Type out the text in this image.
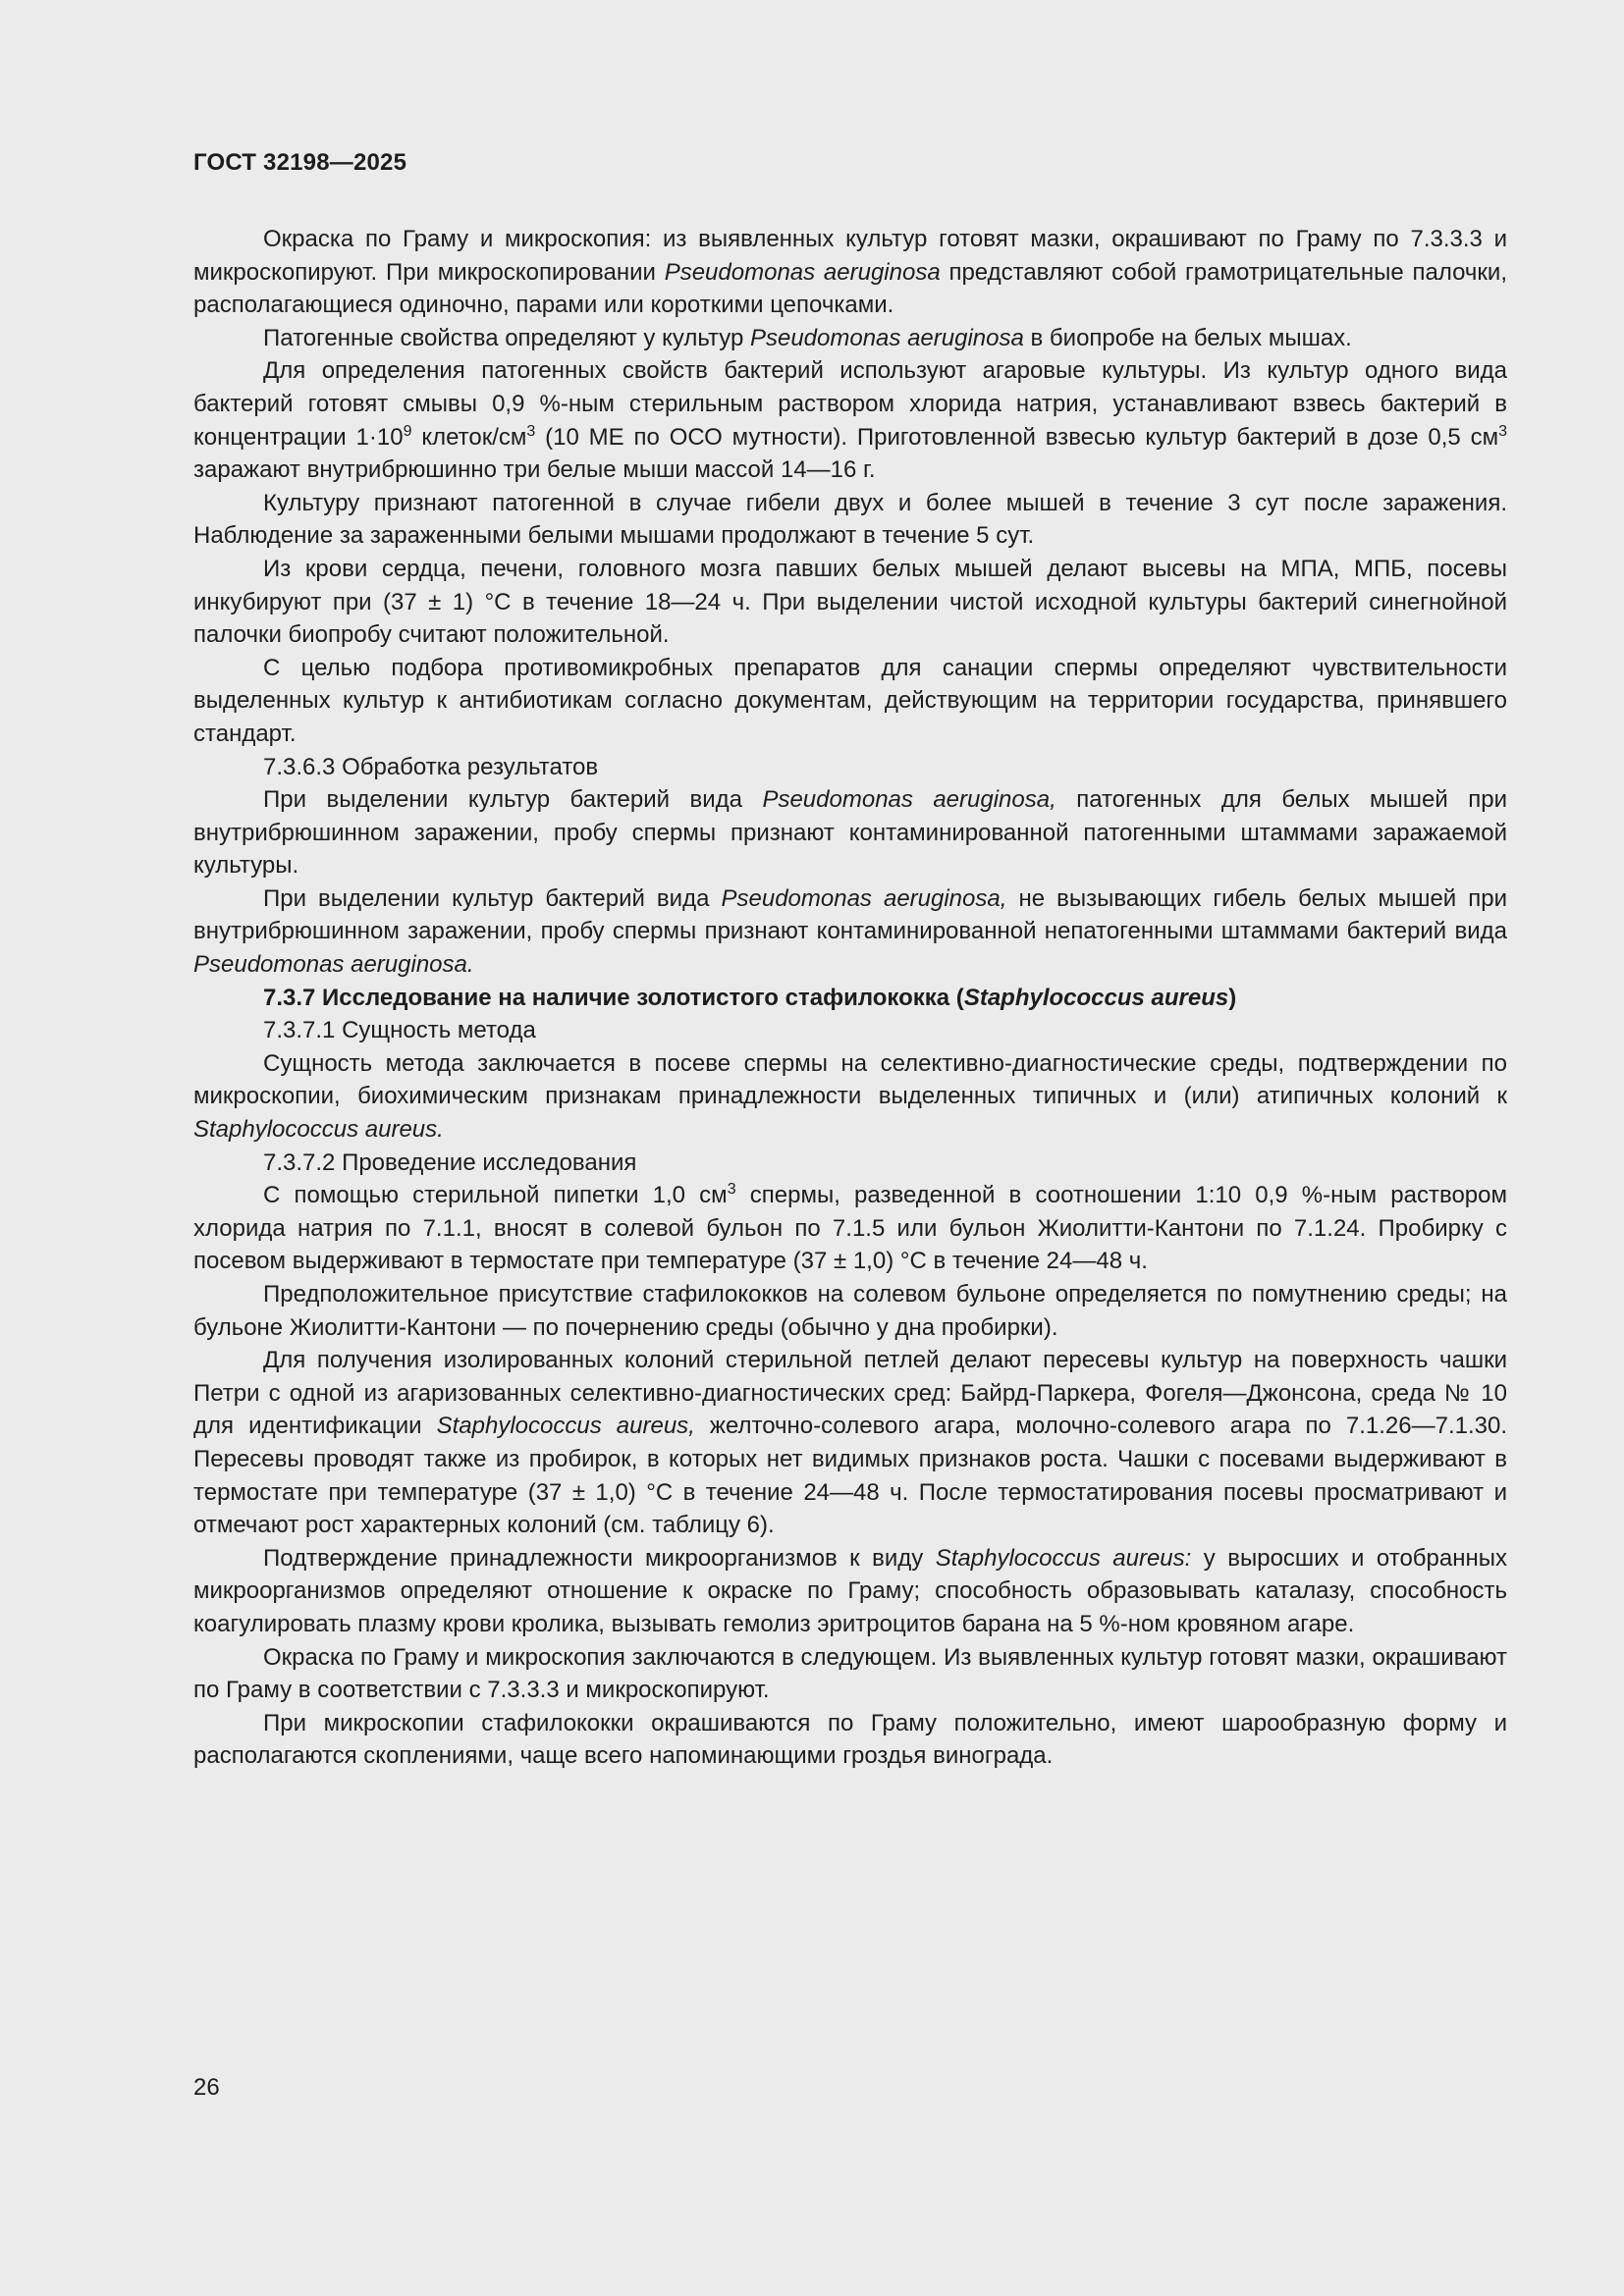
ГОСТ 32198—2025

Окраска по Граму и микроскопия: из выявленных культур готовят мазки, окрашивают по Граму по 7.3.3.3 и микроскопируют. При микроскопировании Pseudomonas aeruginosa представляют собой грамотрицательные палочки, располагающиеся одиночно, парами или короткими цепочками.

Патогенные свойства определяют у культур Pseudomonas aeruginosa в биопробе на белых мышах.

Для определения патогенных свойств бактерий используют агаровые культуры. Из культур одного вида бактерий готовят смывы 0,9 %-ным стерильным раствором хлорида натрия, устанавливают взвесь бактерий в концентрации $1\cdot 10^9$ клеток/$см^3$ (10 МЕ по ОСО мутности). Приготовленной взвесью культур бактерий в дозе 0,5 $см^3$ заражают внутрибрюшинно три белые мыши массой 14—16 г.

Культуру признают патогенной в случае гибели двух и более мышей в течение 3 сут после заражения. Наблюдение за зараженными белыми мышами продолжают в течение 5 сут.

Из крови сердца, печени, головного мозга павших белых мышей делают высевы на МПА, МПБ, посевы инкубируют при (37 ± 1) °С в течение 18—24 ч. При выделении чистой исходной культуры бактерий синегнойной палочки биопробу считают положительной.

С целью подбора противомикробных препаратов для санации спермы определяют чувствительности выделенных культур к антибиотикам согласно документам, действующим на территории государства, принявшего стандарт.

7.3.6.3 Обработка результатов

При выделении культур бактерий вида Pseudomonas aeruginosa, патогенных для белых мышей при внутрибрюшинном заражении, пробу спермы признают контаминированной патогенными штаммами заражаемой культуры.

При выделении культур бактерий вида Pseudomonas aeruginosa, не вызывающих гибель белых мышей при внутрибрюшинном заражении, пробу спермы признают контаминированной непатогенными штаммами бактерий вида Pseudomonas aeruginosa.

7.3.7 Исследование на наличие золотистого стафилококка (Staphylococcus aureus)

7.3.7.1 Сущность метода

Сущность метода заключается в посеве спермы на селективно-диагностические среды, подтверждении по микроскопии, биохимическим признакам принадлежности выделенных типичных и (или) атипичных колоний к Staphylococcus aureus.

7.3.7.2 Проведение исследования

С помощью стерильной пипетки 1,0 $см^3$ спермы, разведенной в соотношении 1:10 0,9 %-ным раствором хлорида натрия по 7.1.1, вносят в солевой бульон по 7.1.5 или бульон Жиолитти-Кантони по 7.1.24. Пробирку с посевом выдерживают в термостате при температуре (37 ± 1,0) °С в течение 24—48 ч.

Предположительное присутствие стафилококков на солевом бульоне определяется по помутнению среды; на бульоне Жиолитти-Кантони — по почернению среды (обычно у дна пробирки).

Для получения изолированных колоний стерильной петлей делают пересевы культур на поверхность чашки Петри с одной из агаризованных селективно-диагностических сред: Байрд-Паркера, Фогеля—Джонсона, среда № 10 для идентификации Staphylococcus aureus, желточно-солевого агара, молочно-солевого агара по 7.1.26—7.1.30. Пересевы проводят также из пробирок, в которых нет видимых признаков роста. Чашки с посевами выдерживают в термостате при температуре (37 ± 1,0) °С в течение 24—48 ч. После термостатирования посевы просматривают и отмечают рост характерных колоний (см. таблицу 6).

Подтверждение принадлежности микроорганизмов к виду Staphylococcus aureus: у выросших и отобранных микроорганизмов определяют отношение к окраске по Граму; способность образовывать каталазу, способность коагулировать плазму крови кролика, вызывать гемолиз эритроцитов барана на 5 %-ном кровяном агаре.

Окраска по Граму и микроскопия заключаются в следующем. Из выявленных культур готовят мазки, окрашивают по Граму в соответствии с 7.3.3.3 и микроскопируют.

При микроскопии стафилококки окрашиваются по Граму положительно, имеют шарообразную форму и располагаются скоплениями, чаще всего напоминающими гроздья винограда.

26
